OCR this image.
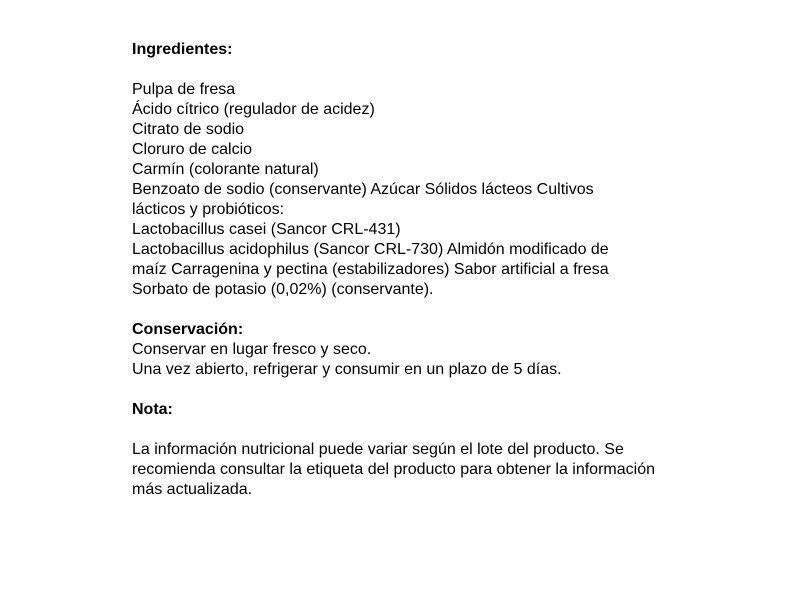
Ingredientes:

Pulpa de fresa

Ácido cítrico (regulador de acidez)

Citrato de sodio

Cloruro de calcio

Carmín (colorante natural)

Benzoato de sodio (conservante) Azúcar Sólidos lácteos Cultivos

lácticos y probióticos:

Lactobacillus casei (Sancor CRL-431)

Lactobacillus acidophilus (Sancor CRL-730) Almidón modificado de

maíz Carragenina y pectina (estabilizadores) Sabor artificial a fresa

Sorbato de potasio (0,02%) (conservante).

Conservación:

Conservar en lugar fresco y seco.

Una vez abierto, refrigerar y consumir en un plazo de 5 días.

Nota:

La información nutricional puede variar según el lote del producto. Se

recomienda consultar la etiqueta del producto para obtener la información

más actualizada.
